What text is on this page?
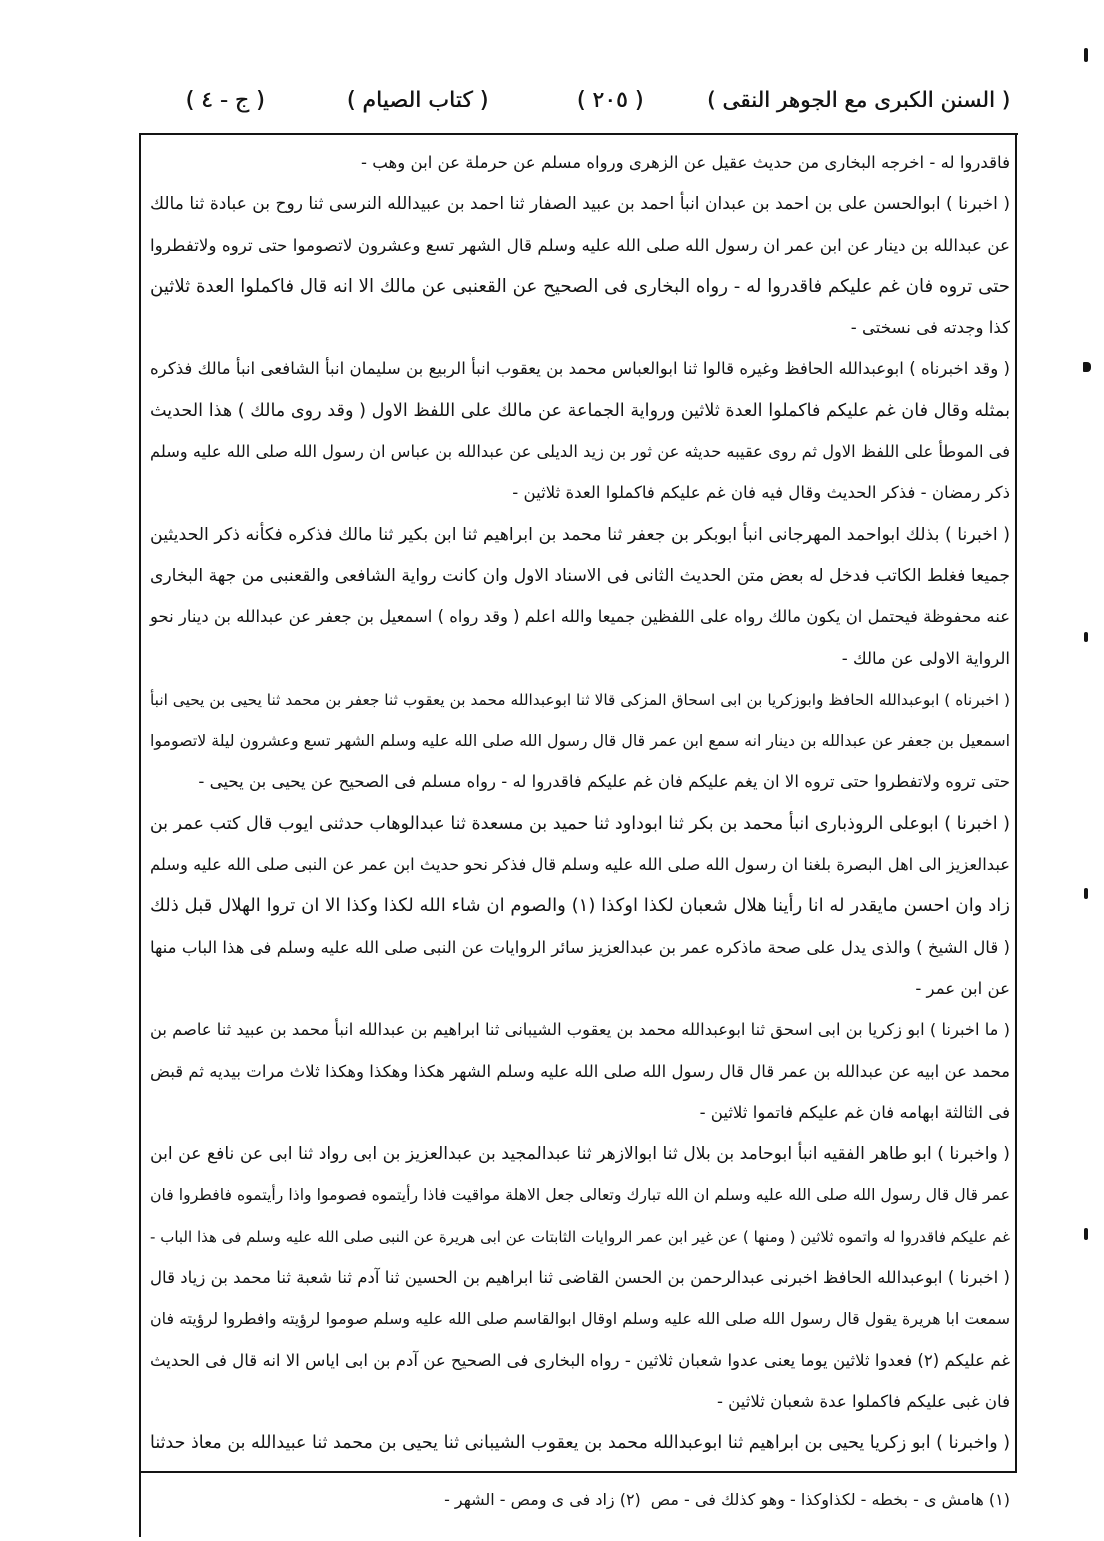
( السنن الكبرى مع الجوهر النقى )
( ٢٠٥ )
( كتاب الصيام )
( ج - ٤ )
فاقدروا له - اخرجه البخارى من حديث عقيل عن الزهرى ورواه مسلم عن حرملة عن ابن وهب -
( اخبرنا ) ابوالحسن على بن احمد بن عبدان انبأ احمد بن عبيد الصفار ثنا احمد بن عبيدالله النرسى ثنا روح بن عبادة ثنا مالك
عن عبدالله بن دينار عن ابن عمر ان رسول الله صلى الله عليه وسلم قال الشهر تسع وعشرون لاتصوموا حتى تروه ولاتفطروا
حتى تروه فان غم عليكم فاقدروا له - رواه البخارى فى الصحيح عن القعنبى عن مالك الا انه قال فاكملوا العدة ثلاثين
كذا وجدته فى نسختى -
( وقد اخبرناه ) ابوعبدالله الحافظ وغيره قالوا ثنا ابوالعباس محمد بن يعقوب انبأ الربيع بن سليمان انبأ الشافعى انبأ مالك فذكره
بمثله وقال فان غم عليكم فاكملوا العدة ثلاثين ورواية الجماعة عن مالك على اللفظ الاول ( وقد روى مالك ) هذا الحديث
فى الموطأ على اللفظ الاول ثم روى عقيبه حديثه عن ثور بن زيد الديلى عن عبدالله بن عباس ان رسول الله صلى الله عليه وسلم
ذكر رمضان - فذكر الحديث وقال فيه فان غم عليكم فاكملوا العدة ثلاثين -
( اخبرنا ) بذلك ابواحمد المهرجانى انبأ ابوبكر بن جعفر ثنا محمد بن ابراهيم ثنا ابن بكير ثنا مالك فذكره فكأنه ذكر الحديثين
جميعا فغلط الكاتب فدخل له بعض متن الحديث الثانى فى الاسناد الاول وان كانت رواية الشافعى والقعنبى من جهة البخارى
عنه محفوظة فيحتمل ان يكون مالك رواه على اللفظين جميعا والله اعلم ( وقد رواه ) اسمعيل بن جعفر عن عبدالله بن دينار نحو
الرواية الاولى عن مالك -
( اخبرناه ) ابوعبدالله الحافظ وابوزكريا بن ابى اسحاق المزكى قالا ثنا ابوعبدالله محمد بن يعقوب ثنا جعفر بن محمد ثنا يحيى بن يحيى انبأ
اسمعيل بن جعفر عن عبدالله بن دينار انه سمع ابن عمر قال قال رسول الله صلى الله عليه وسلم الشهر تسع وعشرون ليلة لاتصوموا
حتى تروه ولاتفطروا حتى تروه الا ان يغم عليكم فان غم عليكم فاقدروا له - رواه مسلم فى الصحيح عن يحيى بن يحيى -
( اخبرنا ) ابوعلى الروذبارى انبأ محمد بن بكر ثنا ابوداود ثنا حميد بن مسعدة ثنا عبدالوهاب حدثنى ايوب قال كتب عمر بن
عبدالعزيز الى اهل البصرة بلغنا ان رسول الله صلى الله عليه وسلم قال فذكر نحو حديث ابن عمر عن النبى صلى الله عليه وسلم
زاد وان احسن مايقدر له انا رأينا هلال شعبان لكذا اوكذا (١) والصوم ان شاء الله لكذا وكذا الا ان تروا الهلال قبل ذلك
( قال الشيخ ) والذى يدل على صحة ماذكره عمر بن عبدالعزيز سائر الروايات عن النبى صلى الله عليه وسلم فى هذا الباب منها
عن ابن عمر -
( ما اخبرنا ) ابو زكريا بن ابى اسحق ثنا ابوعبدالله محمد بن يعقوب الشيبانى ثنا ابراهيم بن عبدالله انبأ محمد بن عبيد ثنا عاصم بن
محمد عن ابيه عن عبدالله بن عمر قال قال رسول الله صلى الله عليه وسلم الشهر هكذا وهكذا وهكذا ثلاث مرات بيديه ثم قبض
فى الثالثة ابهامه فان غم عليكم فاتموا ثلاثين -
( واخبرنا ) ابو طاهر الفقيه انبأ ابوحامد بن بلال ثنا ابوالازهر ثنا عبدالمجيد بن عبدالعزيز بن ابى رواد ثنا ابى عن نافع عن ابن
عمر قال قال رسول الله صلى الله عليه وسلم ان الله تبارك وتعالى جعل الاهلة مواقيت فاذا رأيتموه فصوموا واذا رأيتموه فافطروا فان
غم عليكم فاقدروا له واتموه ثلاثين ( ومنها ) عن غير ابن عمر الروايات الثابتات عن ابى هريرة عن النبى صلى الله عليه وسلم فى هذا الباب -
( اخبرنا ) ابوعبدالله الحافظ اخبرنى عبدالرحمن بن الحسن القاضى ثنا ابراهيم بن الحسين ثنا آدم ثنا شعبة ثنا محمد بن زياد قال
سمعت ابا هريرة يقول قال رسول الله صلى الله عليه وسلم اوقال ابوالقاسم صلى الله عليه وسلم صوموا لرؤيته وافطروا لرؤيته فان
غم عليكم (٢) فعدوا ثلاثين يوما يعنى عدوا شعبان ثلاثين - رواه البخارى فى الصحيح عن آدم بن ابى اياس الا انه قال فى الحديث
فان غبى عليكم فاكملوا عدة شعبان ثلاثين -
( واخبرنا ) ابو زكريا يحيى بن ابراهيم ثنا ابوعبدالله محمد بن يعقوب الشيبانى ثنا يحيى بن محمد ثنا عبيدالله بن معاذ حدثنا
(١) هامش ى - بخطه - لكذاوكذا - وهو كذلك فى - مص(٢) زاد فى ى ومص - الشهر -
